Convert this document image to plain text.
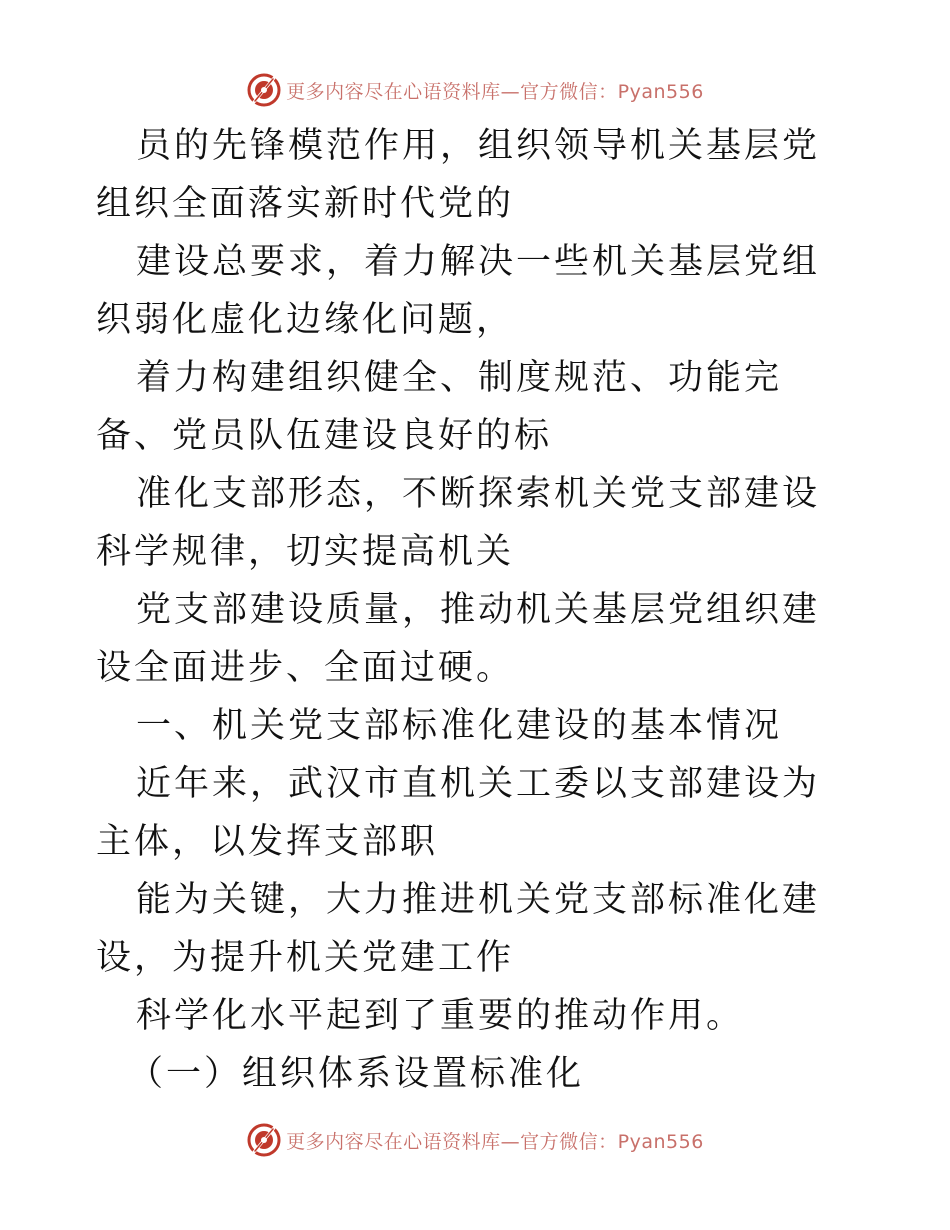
更多内容尽在心语资料库—官方微信：Pyan556

员的先锋模范作用，组织领导机关基层党组织全面落实新时代党的

建设总要求，着力解决一些机关基层党组织弱化虚化边缘化问题，

着力构建组织健全、制度规范、功能完备、党员队伍建设良好的标

准化支部形态，不断探索机关党支部建设科学规律，切实提高机关

党支部建设质量，推动机关基层党组织建设全面进步、全面过硬。

一、机关党支部标准化建设的基本情况

近年来，武汉市直机关工委以支部建设为主体，以发挥支部职

能为关键，大力推进机关党支部标准化建设，为提升机关党建工作

科学化水平起到了重要的推动作用。

（一）组织体系设置标准化

更多内容尽在心语资料库—官方微信：Pyan556
